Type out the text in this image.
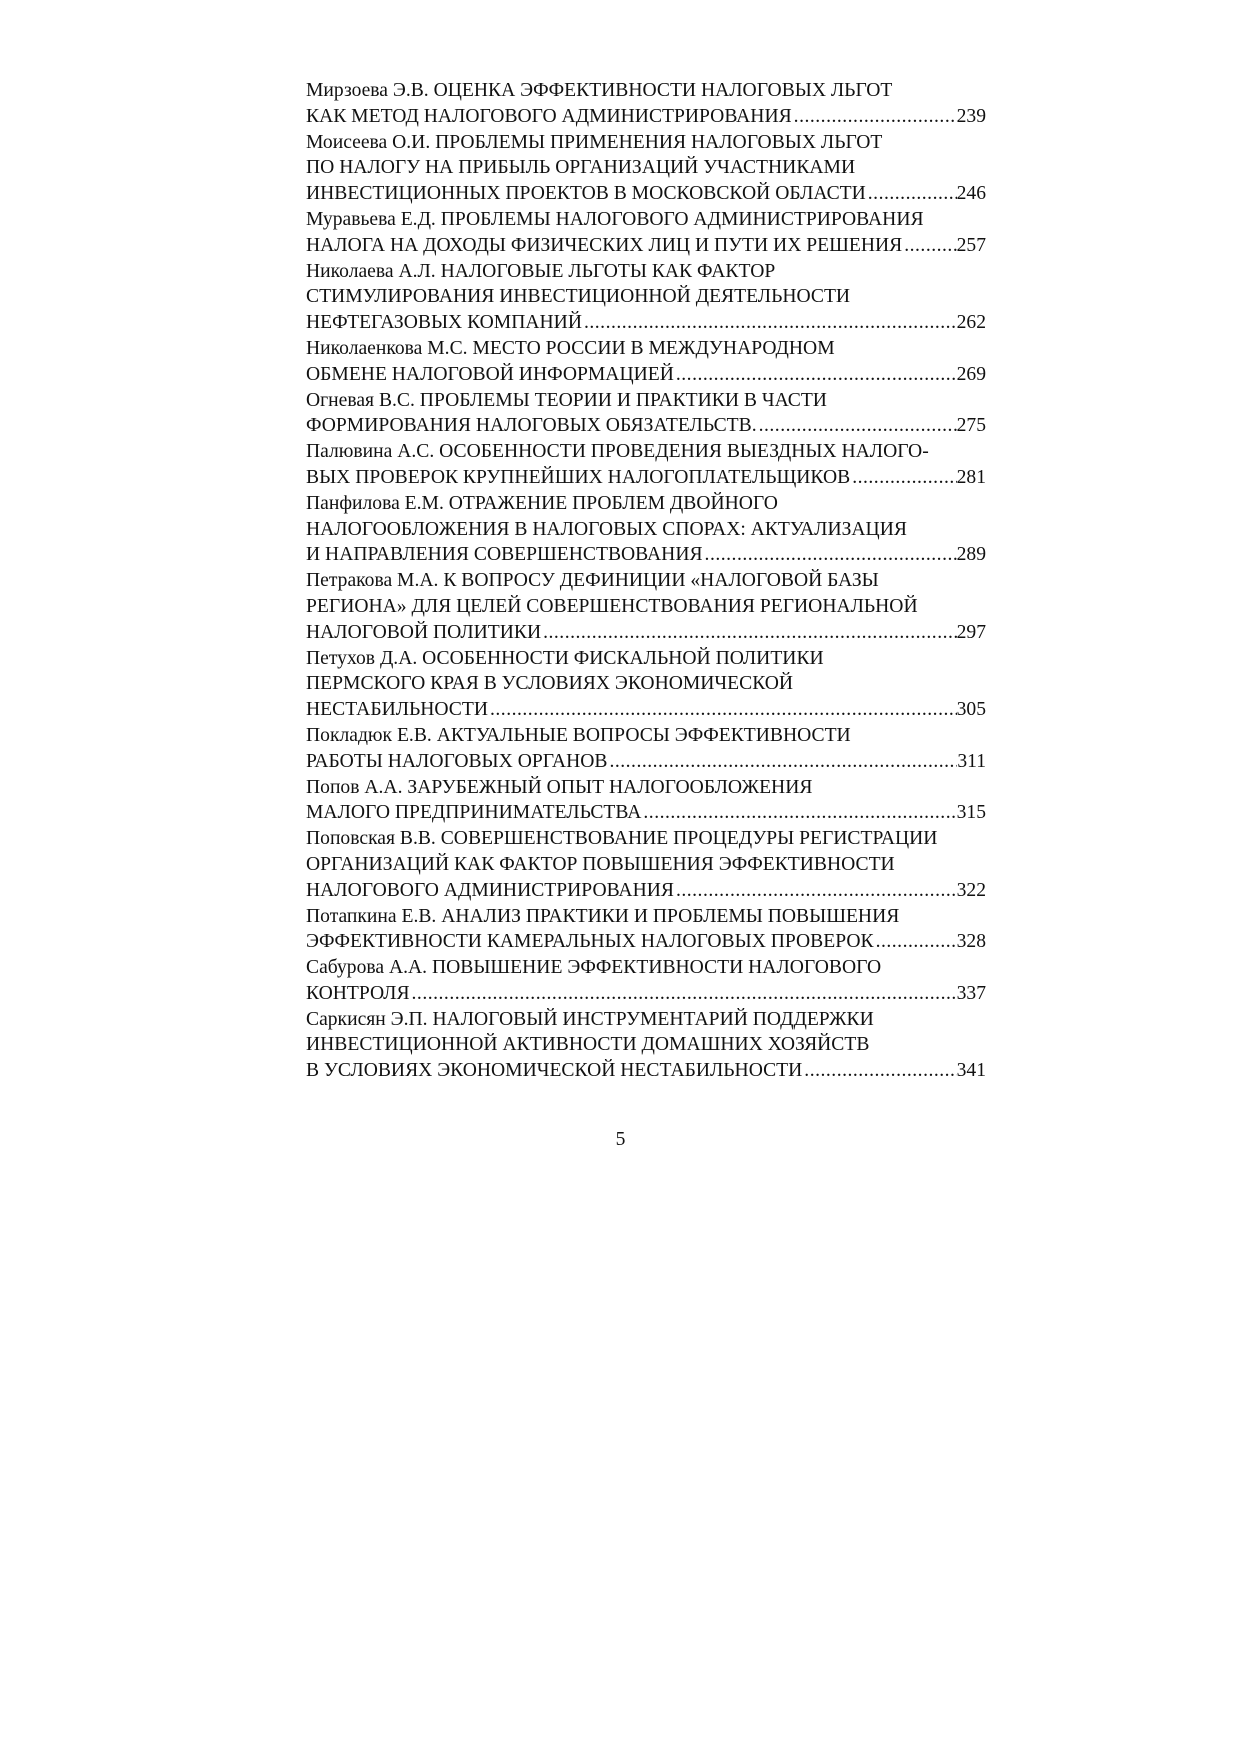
Мирзоева Э.В. ОЦЕНКА ЭФФЕКТИВНОСТИ НАЛОГОВЫХ ЛЬГОТ
КАК МЕТОД НАЛОГОВОГО АДМИНИСТРИРОВАНИЯ .....	239
Моисеева О.И. ПРОБЛЕМЫ ПРИМЕНЕНИЯ НАЛОГОВЫХ ЛЬГОТ
ПО НАЛОГУ НА ПРИБЫЛЬ ОРГАНИЗАЦИЙ УЧАСТНИКАМИ
ИНВЕСТИЦИОННЫХ ПРОЕКТОВ В МОСКОВСКОЙ ОБЛАСТИ .....	246
Муравьева Е.Д. ПРОБЛЕМЫ НАЛОГОВОГО АДМИНИСТРИРОВАНИЯ
НАЛОГА НА ДОХОДЫ ФИЗИЧЕСКИХ ЛИЦ И ПУТИ ИХ РЕШЕНИЯ .....	257
Николаева А.Л. НАЛОГОВЫЕ ЛЬГОТЫ КАК ФАКТОР
СТИМУЛИРОВАНИЯ ИНВЕСТИЦИОННОЙ ДЕЯТЕЛЬНОСТИ
НЕФТЕГАЗОВЫХ КОМПАНИЙ .....	262
Николаенкова М.С. МЕСТО РОССИИ В МЕЖДУНАРОДНОМ
ОБМЕНЕ НАЛОГОВОЙ ИНФОРМАЦИЕЙ .....	269
Огневая В.С. ПРОБЛЕМЫ ТЕОРИИ И ПРАКТИКИ В ЧАСТИ
ФОРМИРОВАНИЯ НАЛОГОВЫХ ОБЯЗАТЕЛЬСТВ. .....	275
Палювина А.С. ОСОБЕННОСТИ ПРОВЕДЕНИЯ ВЫЕЗДНЫХ НАЛОГО-
ВЫХ ПРОВЕРОК КРУПНЕЙШИХ НАЛОГОПЛАТЕЛЬЩИКОВ .....	281
Панфилова Е.М. ОТРАЖЕНИЕ ПРОБЛЕМ ДВОЙНОГО
НАЛОГООБЛОЖЕНИЯ В НАЛОГОВЫХ СПОРАХ: АКТУАЛИЗАЦИЯ
И НАПРАВЛЕНИЯ СОВЕРШЕНСТВОВАНИЯ .....	289
Петракова М.А. К ВОПРОСУ ДЕФИНИЦИИ «НАЛОГОВОЙ БАЗЫ
РЕГИОНА» ДЛЯ ЦЕЛЕЙ СОВЕРШЕНСТВОВАНИЯ РЕГИОНАЛЬНОЙ
НАЛОГОВОЙ ПОЛИТИКИ .....	297
Петухов Д.А. ОСОБЕННОСТИ ФИСКАЛЬНОЙ ПОЛИТИКИ
ПЕРМСКОГО КРАЯ В УСЛОВИЯХ ЭКОНОМИЧЕСКОЙ
НЕСТАБИЛЬНОСТИ .....	305
Покладюк Е.В. АКТУАЛЬНЫЕ ВОПРОСЫ ЭФФЕКТИВНОСТИ
РАБОТЫ НАЛОГОВЫХ ОРГАНОВ .....	311
Попов А.А. ЗАРУБЕЖНЫЙ ОПЫТ НАЛОГООБЛОЖЕНИЯ
МАЛОГО ПРЕДПРИНИМАТЕЛЬСТВА .....	315
Поповская В.В. СОВЕРШЕНСТВОВАНИЕ ПРОЦЕДУРЫ РЕГИСТРАЦИИ
ОРГАНИЗАЦИЙ КАК ФАКТОР ПОВЫШЕНИЯ ЭФФЕКТИВНОСТИ
НАЛОГОВОГО АДМИНИСТРИРОВАНИЯ .....	322
Потапкина Е.В. АНАЛИЗ ПРАКТИКИ И ПРОБЛЕМЫ ПОВЫШЕНИЯ
ЭФФЕКТИВНОСТИ КАМЕРАЛЬНЫХ НАЛОГОВЫХ ПРОВЕРОК .....	328
Сабурова А.А. ПОВЫШЕНИЕ ЭФФЕКТИВНОСТИ НАЛОГОВОГО
КОНТРОЛЯ .....	337
Саркисян Э.П. НАЛОГОВЫЙ ИНСТРУМЕНТАРИЙ ПОДДЕРЖКИ
ИНВЕСТИЦИОННОЙ АКТИВНОСТИ ДОМАШНИХ ХОЗЯЙСТВ
В УСЛОВИЯХ ЭКОНОМИЧЕСКОЙ НЕСТАБИЛЬНОСТИ .....	341
5
